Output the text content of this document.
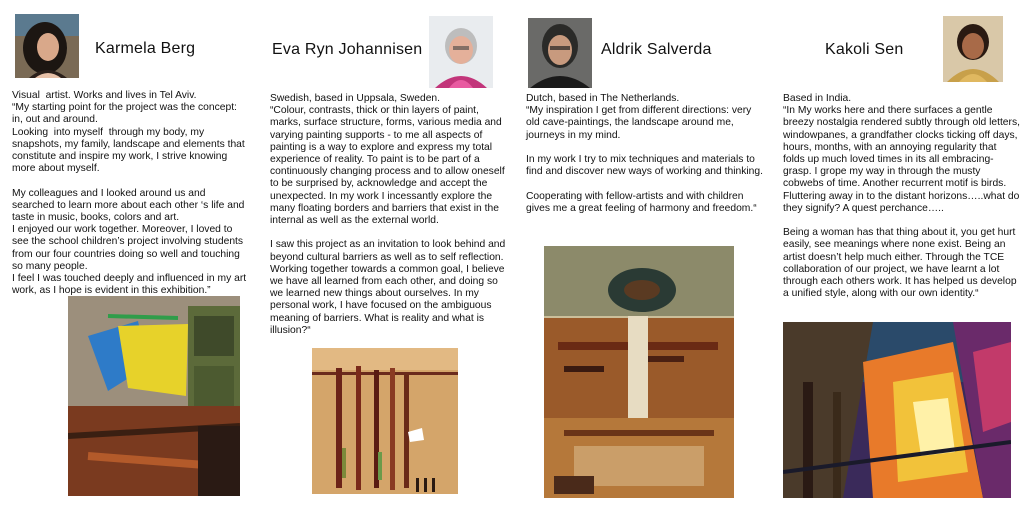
Karmela Berg

Visual  artist. Works and lives in Tel Aviv.
“My starting point for the project was the concept: in, out and around.
Looking  into myself  through my body, my snapshots, my family, landscape and elements that constitute and inspire my work, I strive knowing more about myself.

My colleagues and I looked around us and searched to learn more about each other ‘s life and taste in music, books, colors and art.
I enjoyed our work together. Moreover, I loved to see the school children’s project involving students from our four countries doing so well and touching so many people.
I feel I was touched deeply and influenced in my art work, as I hope is evident in this exhibition.”

Eva Ryn Johannisen

Swedish, based in Uppsala, Sweden.
“Colour, contrasts, thick or thin layers of paint, marks, surface structure, forms, various media and varying painting supports - to me all aspects of painting is a way to explore and express my total experience of reality. To paint is to be part of a continuously changing process and to allow oneself to be surprised by, acknowledge and accept the unexpected. In my work I incessantly explore the many floating borders and barriers that exist in the internal as well as the external world.

I saw this project as an invitation to look behind and beyond cultural barriers as well as to self reflection. Working together towards a common goal, I believe we have all learned from each other, and doing so we learned new things about ourselves. In my personal work, I have focused on the ambiguous meaning of barriers. What is reality and what is illusion?“

Aldrik Salverda

Dutch, based in The Netherlands.
“My inspiration I get from different directions: very old cave-paintings, the landscape around me, journeys in my mind.

In my work I try to mix techniques and materials to find and discover new ways of working and thinking.

Cooperating with fellow-artists and with children gives me a great feeling of harmony and freedom.“

Kakoli Sen

Based in India.
“In My works here and there surfaces a gentle breezy nostalgia rendered subtly through old letters, windowpanes, a grandfather clocks ticking off days, hours, months, with an annoying regularity that folds up much loved times in its all embracing-grasp. I grope my way in through the musty cobwebs of time. Another recurrent motif is birds. Fluttering away in to the distant horizons…..what do they signify? A quest perchance…..

Being a woman has that thing about it, you get hurt easily, see meanings where none exist. Being an artist doesn’t help much either. Through the TCE collaboration of our project, we have learnt a lot through each others work. It has helped us develop a unified style, along with our own identity.“
